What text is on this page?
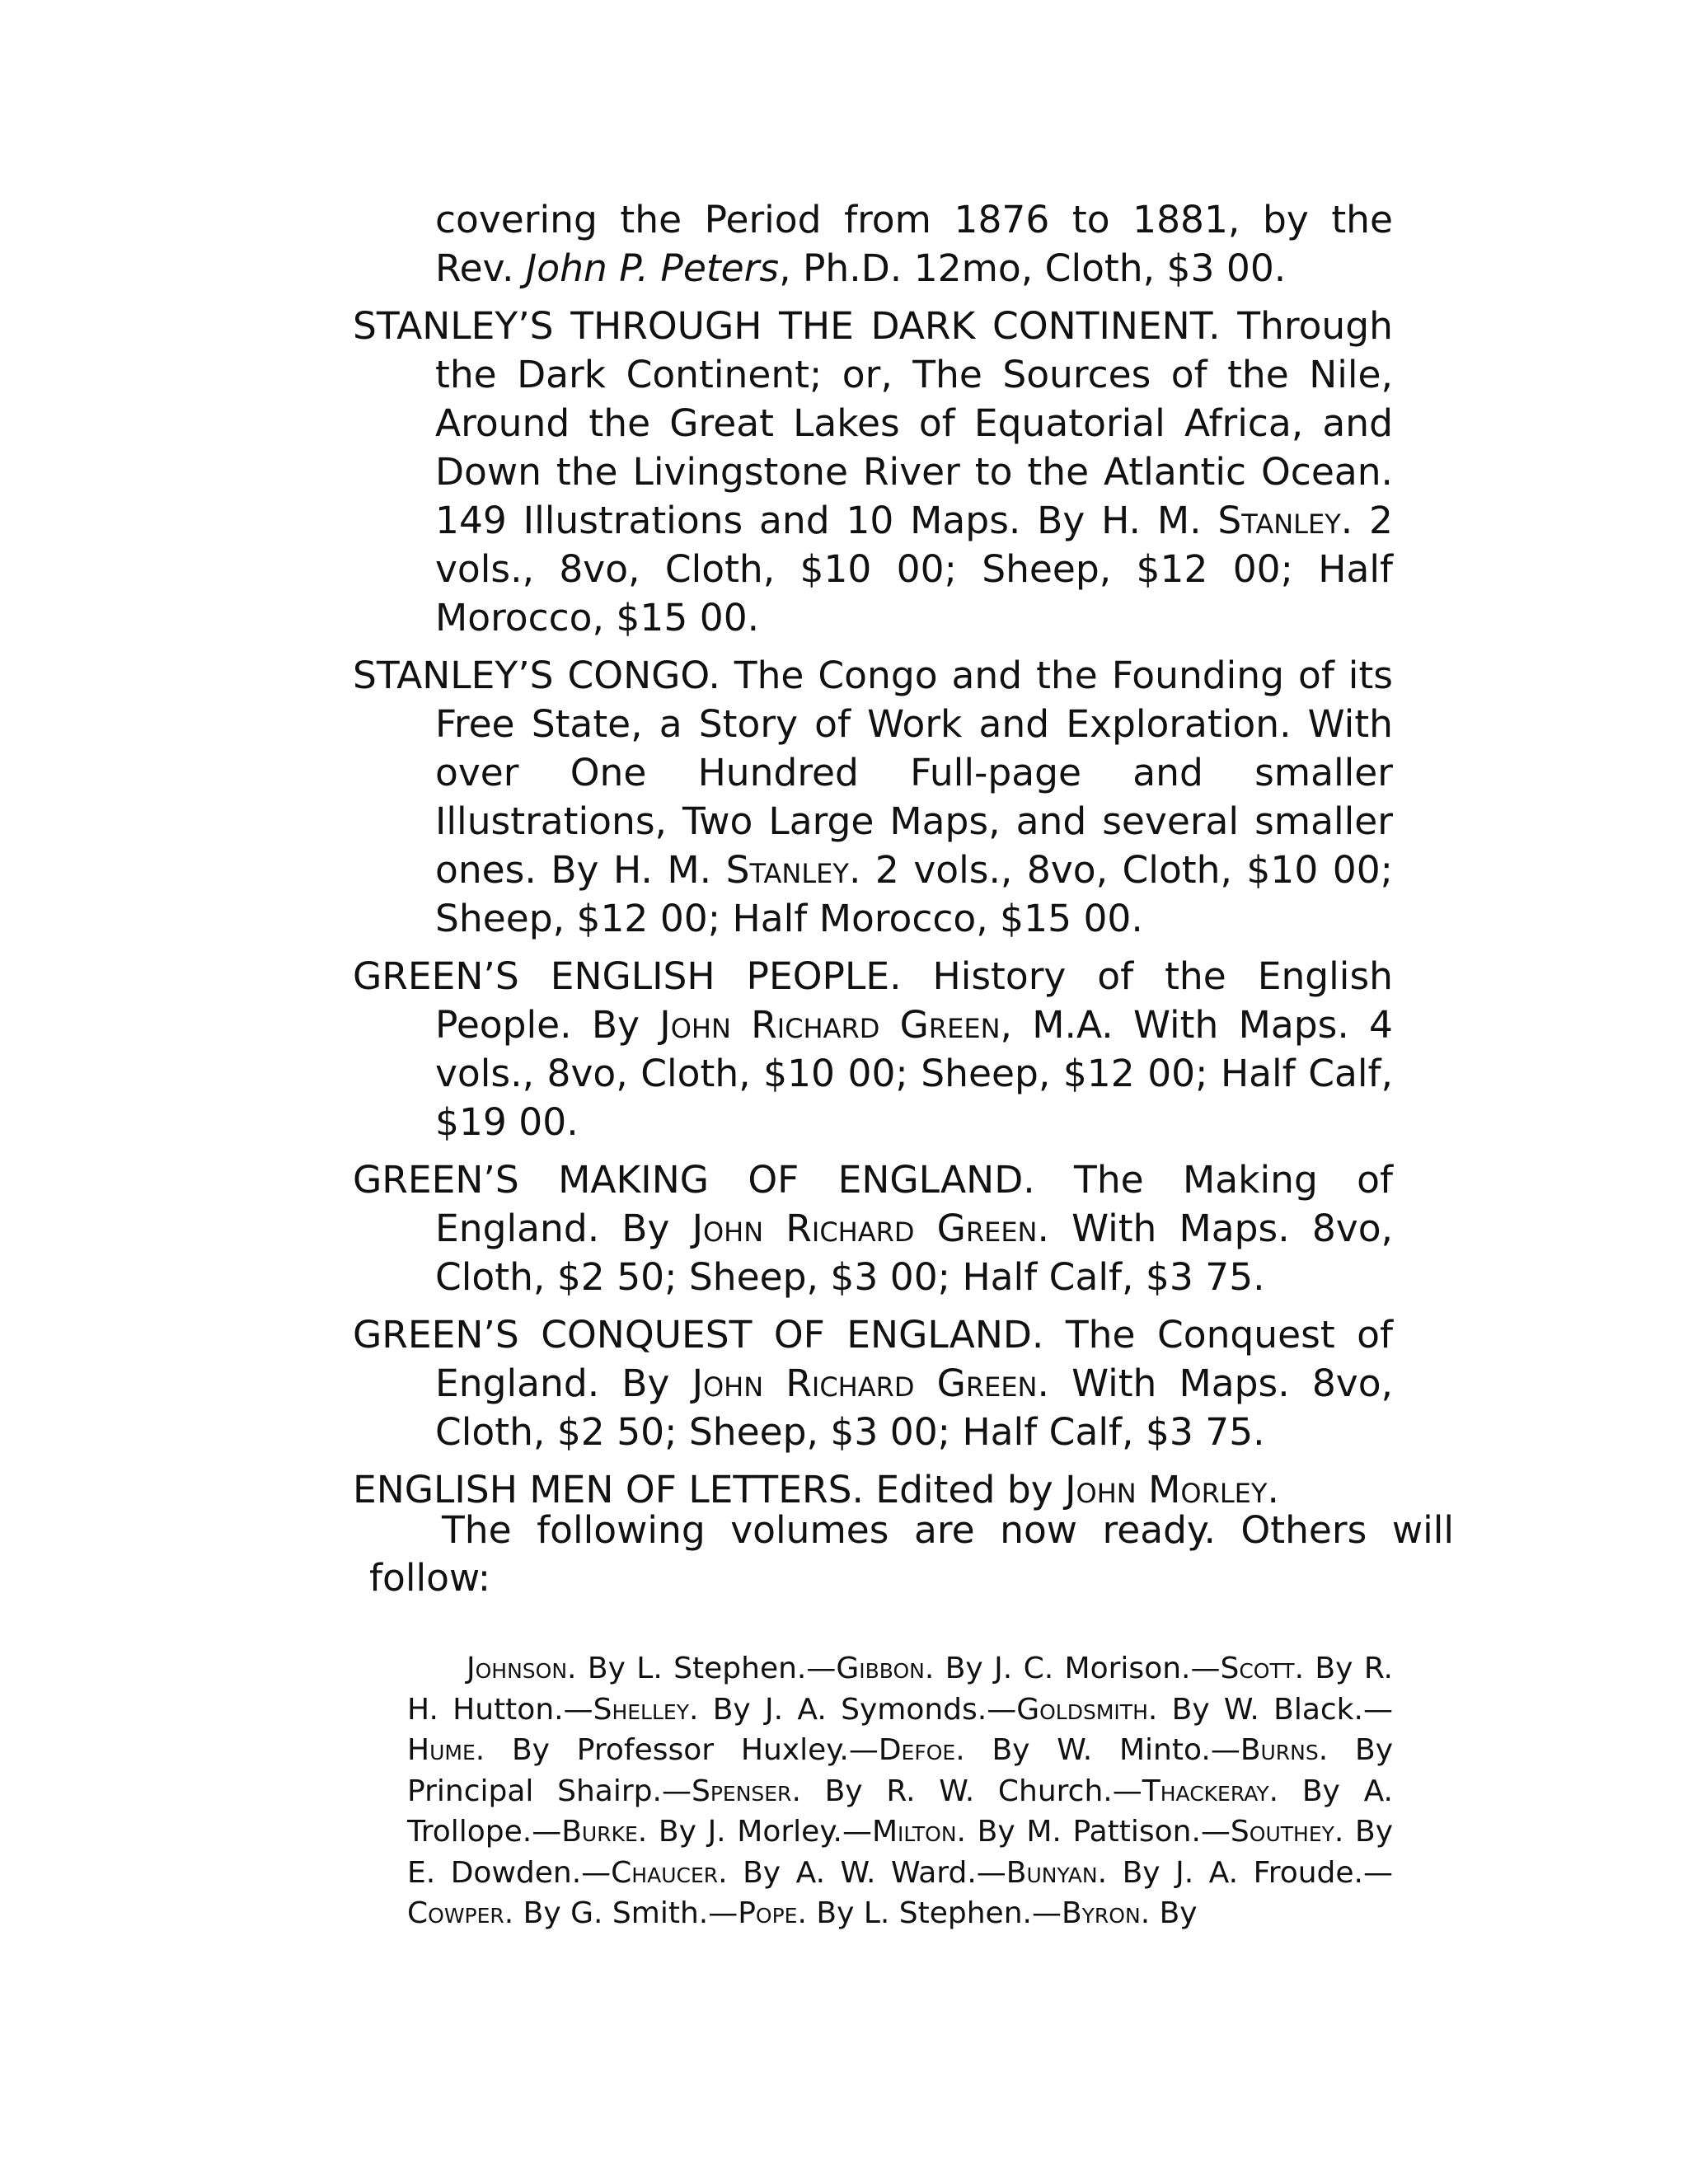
covering the Period from 1876 to 1881, by the Rev. John P. Peters, Ph.D. 12mo, Cloth, $3 00.

STANLEY’S THROUGH THE DARK CONTINENT. Through the Dark Continent; or, The Sources of the Nile, Around the Great Lakes of Equatorial Africa, and Down the Livingstone River to the Atlantic Ocean. 149 Illustrations and 10 Maps. By H. M. Stanley. 2 vols., 8vo, Cloth, $10 00; Sheep, $12 00; Half Morocco, $15 00.

STANLEY’S CONGO. The Congo and the Founding of its Free State, a Story of Work and Exploration. With over One Hundred Full-page and smaller Illustrations, Two Large Maps, and several smaller ones. By H. M. Stanley. 2 vols., 8vo, Cloth, $10 00; Sheep, $12 00; Half Morocco, $15 00.

GREEN’S ENGLISH PEOPLE. History of the English People. By John Richard Green, M.A. With Maps. 4 vols., 8vo, Cloth, $10 00; Sheep, $12 00; Half Calf, $19 00.

GREEN’S MAKING OF ENGLAND. The Making of England. By John Richard Green. With Maps. 8vo, Cloth, $2 50; Sheep, $3 00; Half Calf, $3 75.

GREEN’S CONQUEST OF ENGLAND. The Conquest of England. By John Richard Green. With Maps. 8vo, Cloth, $2 50; Sheep, $3 00; Half Calf, $3 75.

ENGLISH MEN OF LETTERS. Edited by John Morley.

The following volumes are now ready. Others will follow:

Johnson. By L. Stephen.—Gibbon. By J. C. Morison.—Scott. By R. H. Hutton.—Shelley. By J. A. Symonds.—Goldsmith. By W. Black.—Hume. By Professor Huxley.—Defoe. By W. Minto.—Burns. By Principal Shairp.—Spenser. By R. W. Church.—Thackeray. By A. Trollope.—Burke. By J. Morley.—Milton. By M. Pattison.—Southey. By E. Dowden.—Chaucer. By A. W. Ward.—Bunyan. By J. A. Froude.—Cowper. By G. Smith.—Pope. By L. Stephen.—Byron. By
